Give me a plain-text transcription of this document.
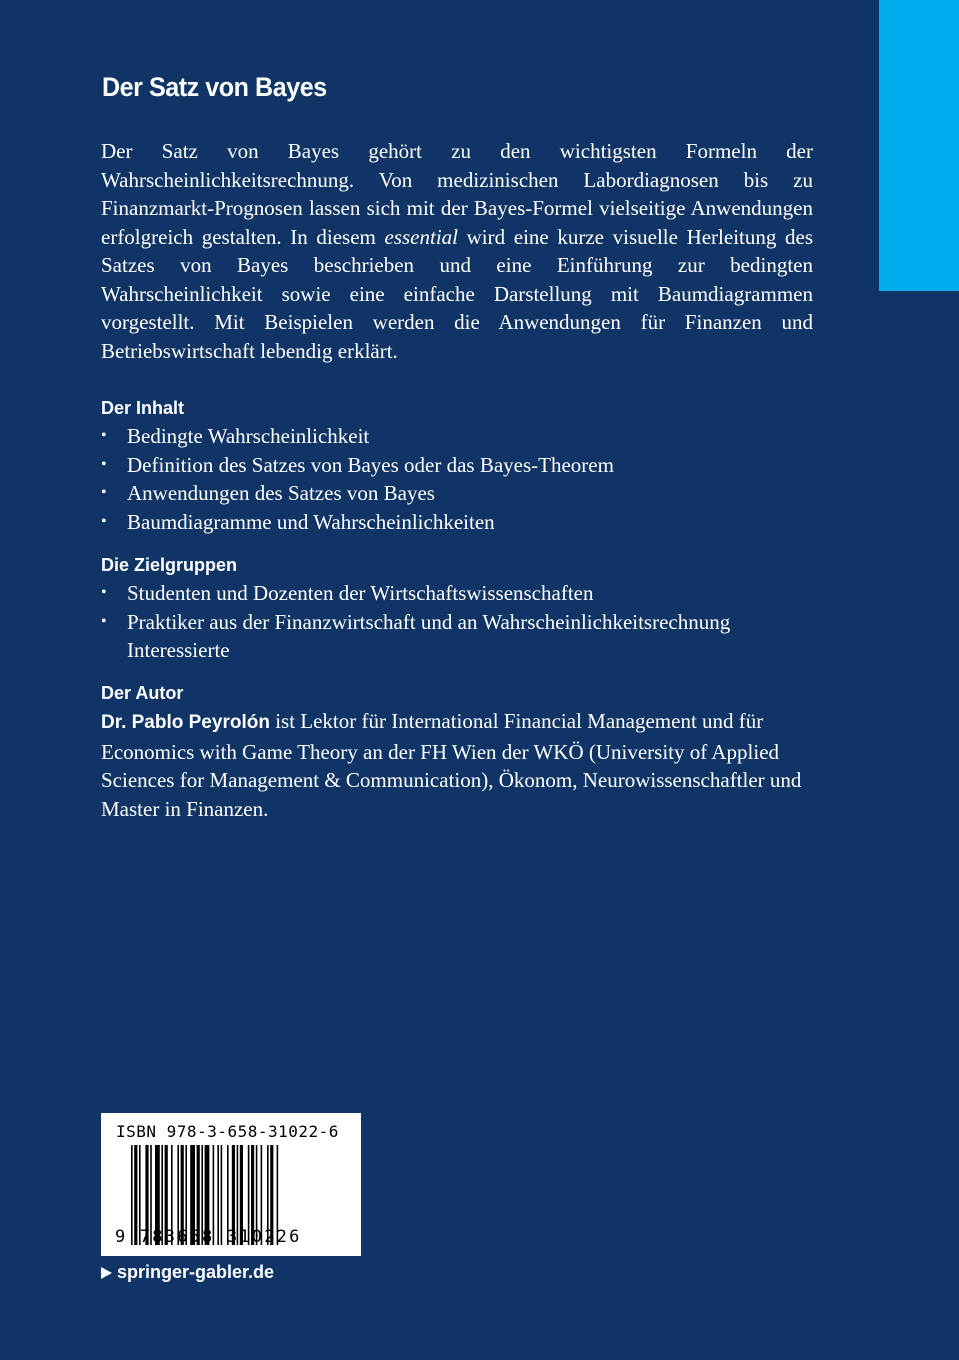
Der Satz von Bayes

Der Satz von Bayes gehört zu den wichtigsten Formeln der Wahrscheinlichkeitsrechnung. Von medizinischen Labordiagnosen bis zu Finanzmarkt-Prognosen lassen sich mit der Bayes-Formel vielseitige Anwendungen erfolgreich gestalten. In diesem essential wird eine kurze visuelle Herleitung des Satzes von Bayes beschrieben und eine Einführung zur bedingten Wahrscheinlichkeit sowie eine einfache Darstellung mit Baumdiagrammen vorgestellt. Mit Beispielen werden die Anwendungen für Finanzen und Betriebswirtschaft lebendig erklärt.

Der Inhalt
• Bedingte Wahrscheinlichkeit
• Definition des Satzes von Bayes oder das Bayes-Theorem
• Anwendungen des Satzes von Bayes
• Baumdiagramme und Wahrscheinlichkeiten
Die Zielgruppen
• Studenten und Dozenten der Wirtschaftswissenschaften
• Praktiker aus der Finanzwirtschaft und an Wahrscheinlichkeitsrechnung Interessierte
Der Autor

Dr. Pablo Peyrolón ist Lektor für International Financial Management und für Economics with Game Theory an der FH Wien der WKÖ (University of Applied Sciences for Management & Communication), Ökonom, Neurowissenschaftler und Master in Finanzen.

ISBN 978-3-658-31022-6
9 783658 310226
springer-gabler.de
